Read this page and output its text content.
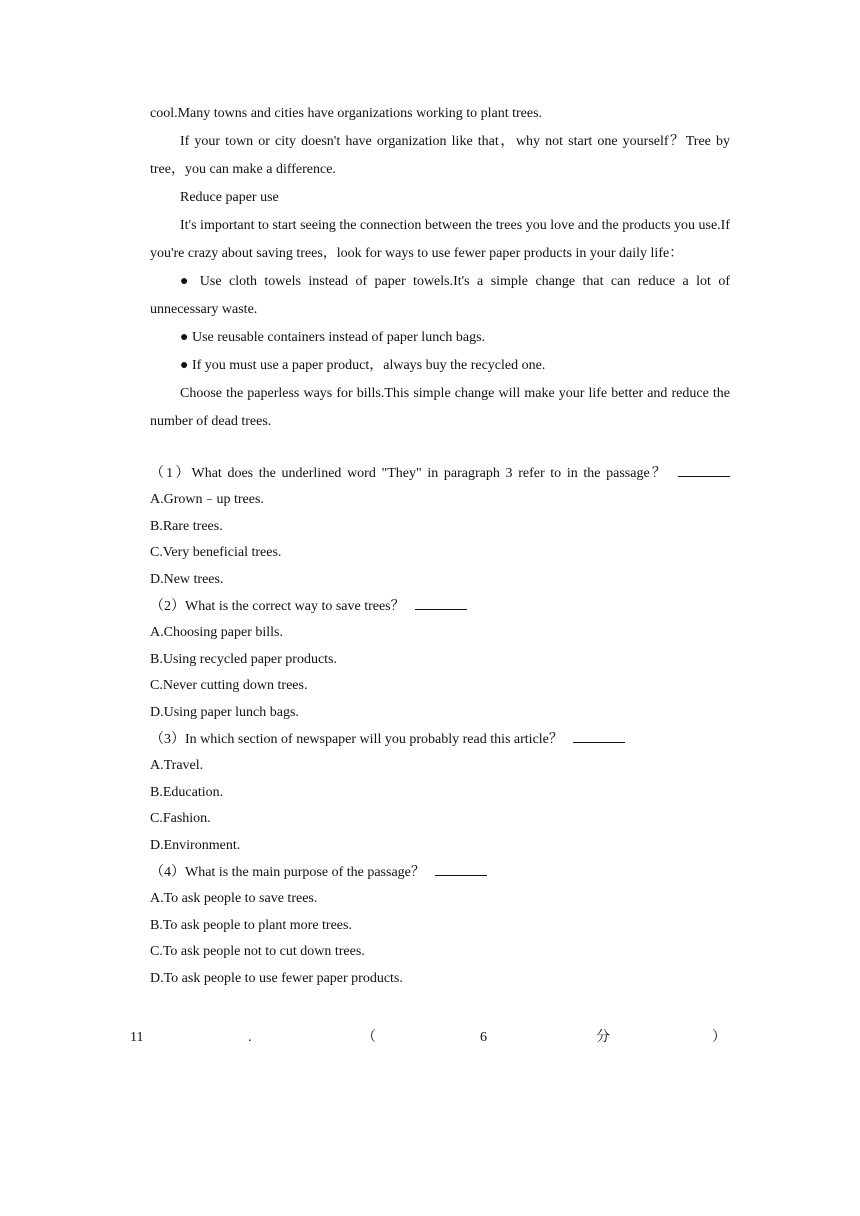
cool.Many towns and cities have organizations working to plant trees.

If your town or city doesn't have organization like that，why not start one yourself？Tree by tree，you can make a difference.

Reduce paper use

It's important to start seeing the connection between the trees you love and the products you use.If you're crazy about saving trees，look for ways to use fewer paper products in your daily life：

● Use cloth towels instead of paper towels.It's a simple change that can reduce a lot of unnecessary waste.

● Use reusable containers instead of paper lunch bags.

● If you must use a paper product，always buy the recycled one.

Choose the paperless ways for bills.This simple change will make your life better and reduce the number of dead trees.

（1）What does the underlined word "They" in paragraph 3 refer to in the passage？

A.Grown﹣up trees.

B.Rare trees.

C.Very beneficial trees.

D.New trees.

（2）What is the correct way to save trees？

A.Choosing paper bills.

B.Using recycled paper products.

C.Never cutting down trees.

D.Using paper lunch bags.

（3）In which section of newspaper will you probably read this article？

A.Travel.

B.Education.

C.Fashion.

D.Environment.

（4）What is the main purpose of the passage？

A.To ask people to save trees.

B.To ask people to plant more trees.

C.To ask people not to cut down trees.

D.To ask people to use fewer paper products.

11	.	（	6	分	）
